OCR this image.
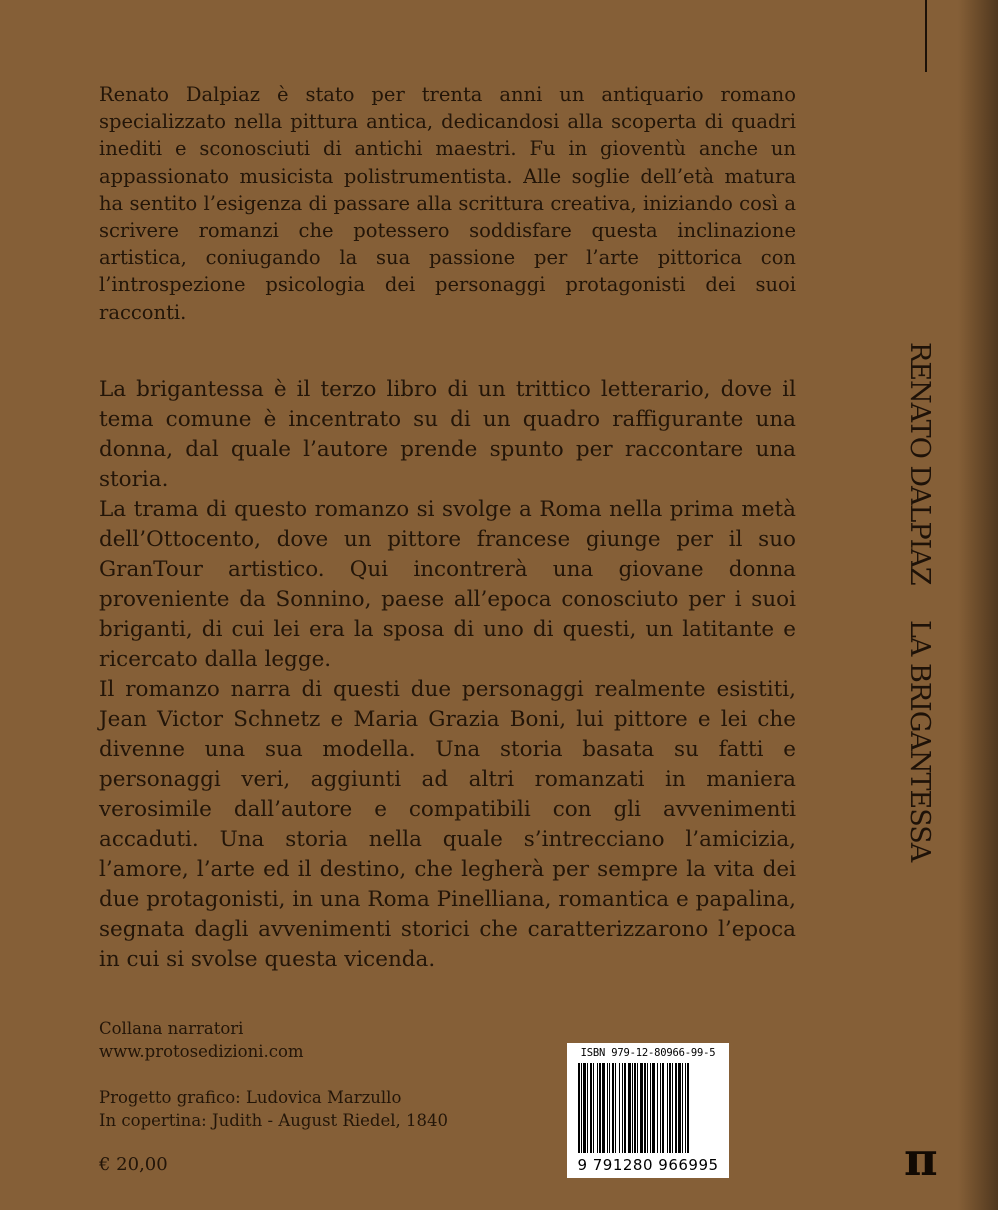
Renato Dalpiaz è stato per trenta anni un antiquario romano specializzato nella pittura antica, dedicandosi alla scoperta di quadri inediti e sconosciuti di antichi maestri. Fu in gioventù anche un appassionato musicista polistrumentista. Alle soglie dell’età matura ha sentito l’esigenza di passare alla scrittura creativa, iniziando così a scrivere romanzi che potessero soddisfare questa inclinazione artistica, coniugando la sua passione per l’arte pittorica con l’introspezione psicologia dei personaggi protagonisti dei suoi racconti.

La brigantessa è il terzo libro di un trittico letterario, dove il tema comune è incentrato su di un quadro raffigurante una donna, dal quale l’autore prende spunto per raccontare una storia.

La trama di questo romanzo si svolge a Roma nella prima metà dell’Ottocento, dove un pittore francese giunge per il suo GranTour artistico. Qui incontrerà una giovane donna proveniente da Sonnino, paese all’epoca conosciuto per i suoi briganti, di cui lei era la sposa di uno di questi, un latitante e ricercato dalla legge.

Il romanzo narra di questi due personaggi realmente esistiti, Jean Victor Schnetz e Maria Grazia Boni, lui pittore e lei che divenne una sua modella. Una storia basata su fatti e personaggi veri, aggiunti ad altri romanzati in maniera verosimile dall’autore e compatibili con gli avvenimenti accaduti. Una storia nella quale s’intrecciano l’amicizia, l’amore, l’arte ed il destino, che legherà per sempre la vita dei due protagonisti, in una Roma Pinelliana, romantica e papalina, segnata dagli avvenimenti storici che caratterizzarono l’epoca in cui si svolse questa vicenda.

RENATO DALPIAZ LA BRIGANTESSA
Collana narratori
www.protosedizioni.com
Progetto grafico: Ludovica Marzullo
In copertina: Judith - August Riedel, 1840
€ 20,00
ISBN 979-12-80966-99-5
9 791280 966995	π
